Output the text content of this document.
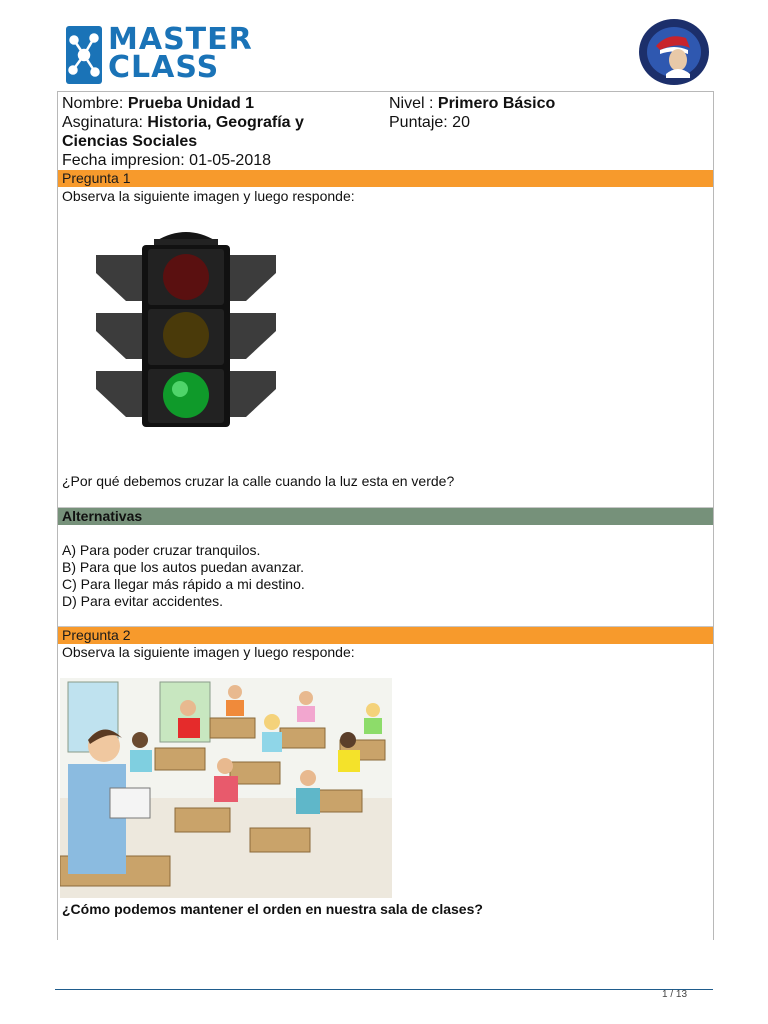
MASTER
CLASS
Nombre: Prueba Unidad 1	Nivel : Primero Básico
Asginatura: Historia, Geografía y
Ciencias Sociales
Puntaje: 20
Fecha impresion: 01-05-2018
Pregunta 1
Observa la siguiente imagen y luego responde:
¿Por qué debemos cruzar la calle cuando la luz esta en verde?
Alternativas
A) Para poder cruzar tranquilos.
B) Para que los autos puedan avanzar.
C) Para llegar más rápido a mi destino.
D) Para evitar accidentes.
Pregunta 2
Observa la siguiente imagen y luego responde:
¿Cómo podemos mantener el orden en nuestra sala de clases?
1 / 13
